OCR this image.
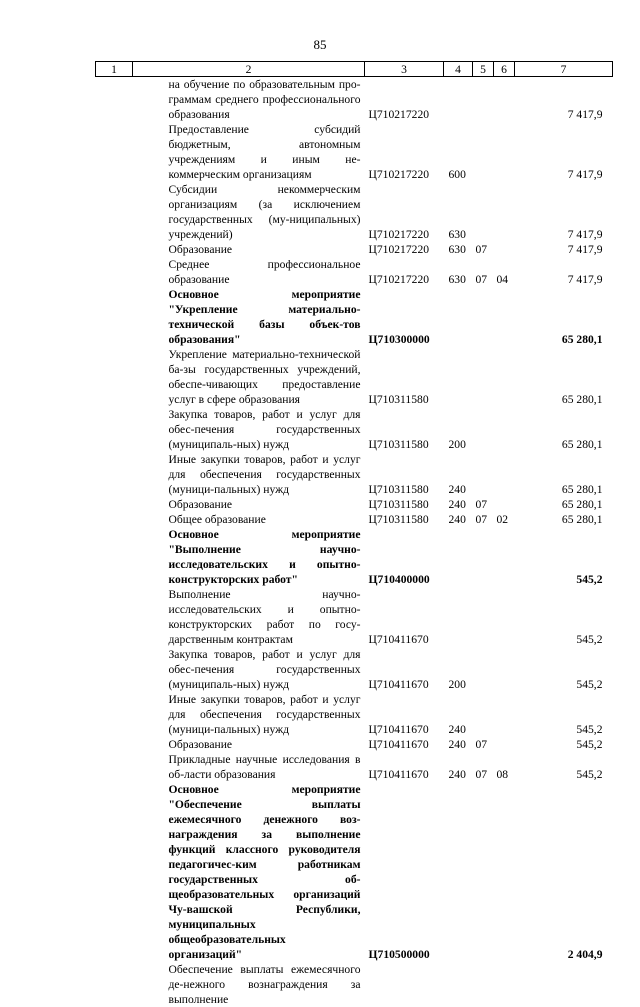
85
1	2	3	4	5	6	7
	на обучение по образовательным про-граммам среднего профессионального образования	Ц710217220				7 417,9
	Предоставление субсидий бюджетным, автономным учреждениям и иным не-коммерческим организациям	Ц710217220	600			7 417,9
	Субсидии некоммерческим организациям (за исключением государственных (му-ниципальных) учреждений)	Ц710217220	630			7 417,9
	Образование	Ц710217220	630	07		7 417,9
	Среднее профессиональное образование	Ц710217220	630	07	04	7 417,9
	Основное мероприятие "Укрепление материально-технической базы объек-тов образования"	Ц710300000				65 280,1
	Укрепление материально-технической ба-зы государственных учреждений, обеспе-чивающих предоставление услуг в сфере образования	Ц710311580				65 280,1
	Закупка товаров, работ и услуг для обес-печения государственных (муниципаль-ных) нужд	Ц710311580	200			65 280,1
	Иные закупки товаров, работ и услуг для обеспечения государственных (муници-пальных) нужд	Ц710311580	240			65 280,1
	Образование	Ц710311580	240	07		65 280,1
	Общее образование	Ц710311580	240	07	02	65 280,1
	Основное мероприятие "Выполнение научно-исследовательских и опытно-конструкторских работ"	Ц710400000				545,2
	Выполнение научно-исследовательских и опытно-конструкторских работ по госу-дарственным контрактам	Ц710411670				545,2
	Закупка товаров, работ и услуг для обес-печения государственных (муниципаль-ных) нужд	Ц710411670	200			545,2
	Иные закупки товаров, работ и услуг для обеспечения государственных (муници-пальных) нужд	Ц710411670	240			545,2
	Образование	Ц710411670	240	07		545,2
	Прикладные научные исследования в об-ласти образования	Ц710411670	240	07	08	545,2
	Основное мероприятие "Обеспечение выплаты ежемесячного денежного воз-награждения за выполнение функций классного руководителя педагогичес-ким работникам государственных об-щеобразовательных организаций Чу-вашской Республики, муниципальных общеобразовательных организаций"	Ц710500000				2 404,9
	Обеспечение выплаты ежемесячного де-нежного вознаграждения за выполнение					
